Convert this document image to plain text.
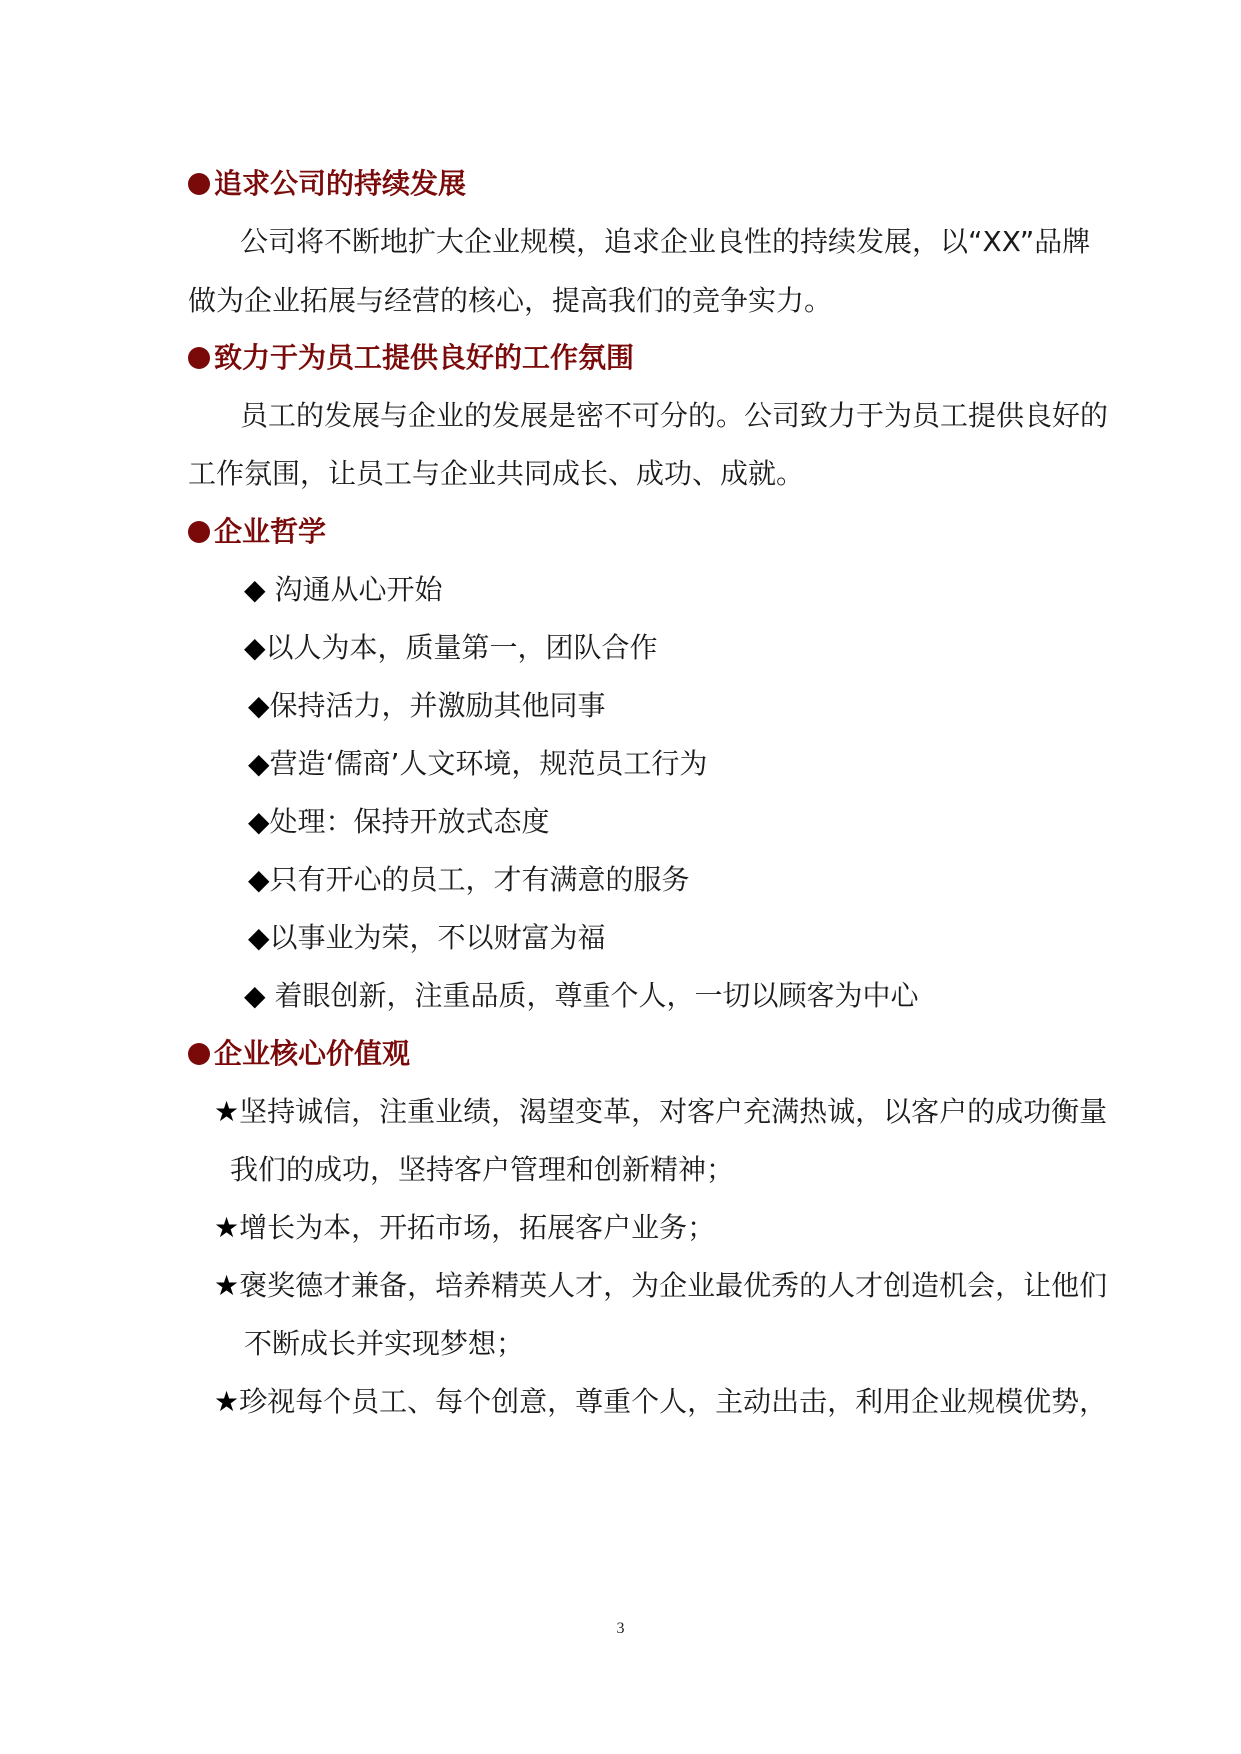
追求公司的持续发展
公司将不断地扩大企业规模，追求企业良性的持续发展，以“XX”品牌
做为企业拓展与经营的核心，提高我们的竞争实力。
致力于为员工提供良好的工作氛围
员工的发展与企业的发展是密不可分的。公司致力于为员工提供良好的
工作氛围，让员工与企业共同成长、成功、成就。
企业哲学
◆ 沟通从心开始
◆以人为本，质量第一，团队合作
◆保持活力，并激励其他同事
◆营造‘儒商’人文环境，规范员工行为
◆处理：保持开放式态度
◆只有开心的员工，才有满意的服务
◆以事业为荣，不以财富为福
◆ 着眼创新，注重品质，尊重个人，一切以顾客为中心
企业核心价值观
★坚持诚信，注重业绩，渴望变革，对客户充满热诚，以客户的成功衡量
我们的成功，坚持客户管理和创新精神；
★增长为本，开拓市场，拓展客户业务；
★褒奖德才兼备，培养精英人才，为企业最优秀的人才创造机会，让他们
不断成长并实现梦想；
★珍视每个员工、每个创意，尊重个人，主动出击，利用企业规模优势，
3
